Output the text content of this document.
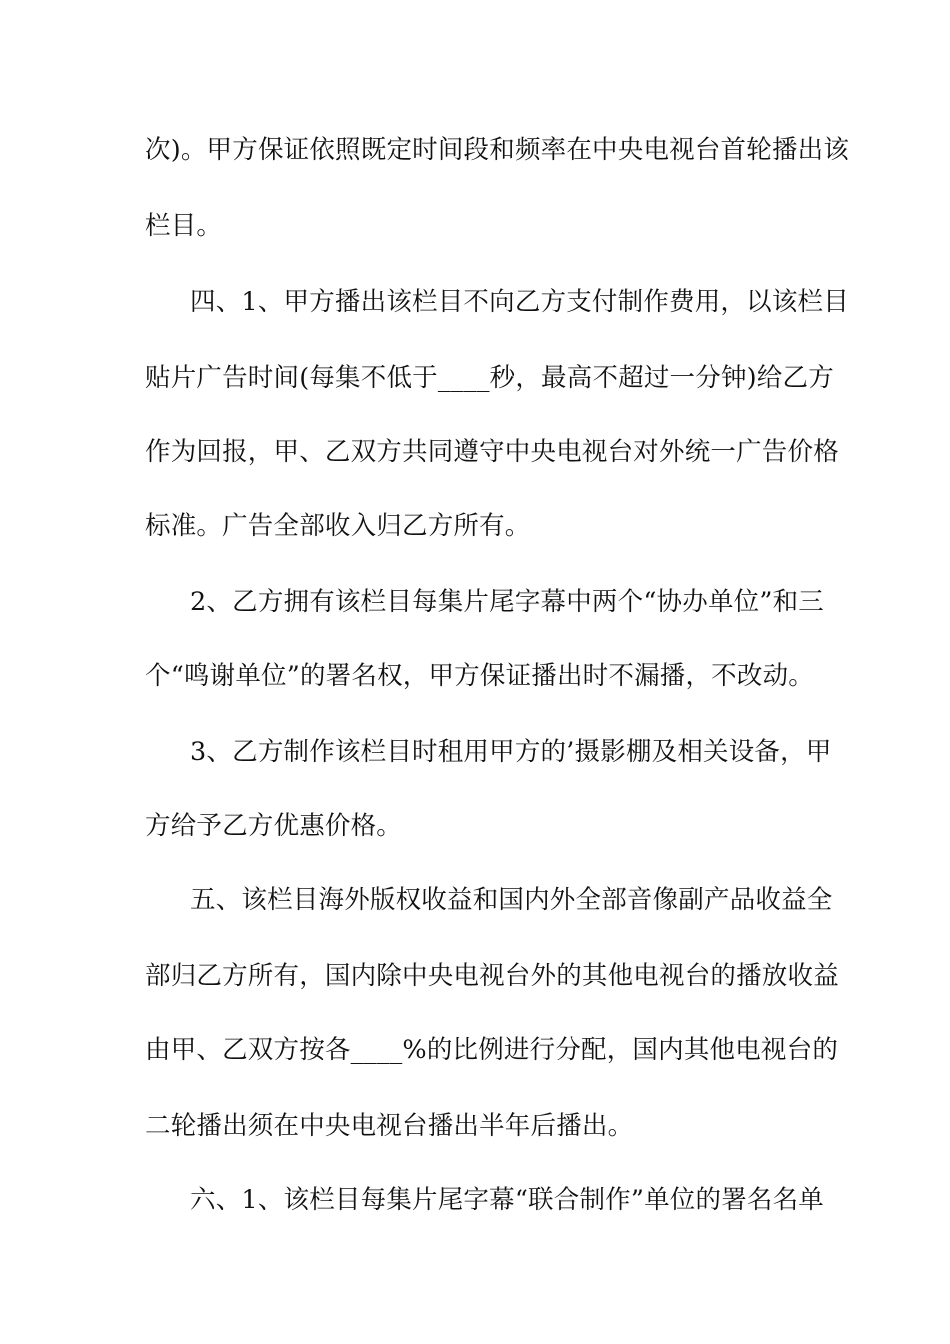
次)。甲方保证依照既定时间段和频率在中央电视台首轮播出该
栏目。
四、1、甲方播出该栏目不向乙方支付制作费用，以该栏目
贴片广告时间(每集不低于____秒，最高不超过一分钟)给乙方
作为回报，甲、乙双方共同遵守中央电视台对外统一广告价格
标准。广告全部收入归乙方所有。
2、乙方拥有该栏目每集片尾字幕中两个“协办单位”和三
个“鸣谢单位”的署名权，甲方保证播出时不漏播，不改动。
3、乙方制作该栏目时租用甲方的’摄影棚及相关设备，甲
方给予乙方优惠价格。
五、该栏目海外版权收益和国内外全部音像副产品收益全
部归乙方所有，国内除中央电视台外的其他电视台的播放收益
由甲、乙双方按各____%的比例进行分配，国内其他电视台的
二轮播出须在中央电视台播出半年后播出。
六、1、该栏目每集片尾字幕“联合制作”单位的署名名单
